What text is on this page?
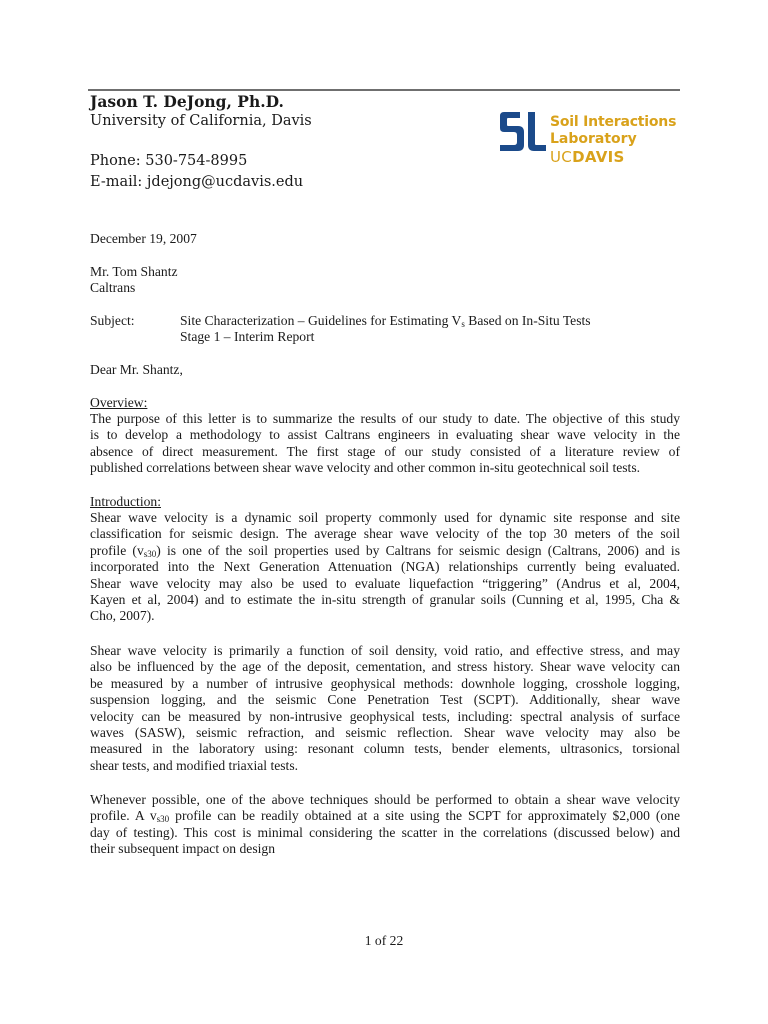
Jason T. DeJong, Ph.D.
University of California, Davis
Phone: 530-754-8995
E-mail: jdejong@ucdavis.edu
Soil Interactions
Laboratory
UCDAVIS
December 19, 2007
Mr. Tom Shantz
Caltrans
Subject:	Site Characterization – Guidelines for Estimating $V_s$ Based on In-Situ Tests
Stage 1 – Interim Report
Dear Mr. Shantz,
Overview:
The purpose of this letter is to summarize the results of our study to date. The objective of this study
is to develop a methodology to assist Caltrans engineers in evaluating shear wave velocity in the
absence of direct measurement. The first stage of our study consisted of a literature review of
published correlations between shear wave velocity and other common in-situ geotechnical soil tests.
Introduction:
Shear wave velocity is a dynamic soil property commonly used for dynamic site response and site
classification for seismic design. The average shear wave velocity of the top 30 meters of the soil
profile $(v_{s30})$ is one of the soil properties used by Caltrans for seismic design (Caltrans, 2006) and is
incorporated into the Next Generation Attenuation (NGA) relationships currently being evaluated.
Shear wave velocity may also be used to evaluate liquefaction “triggering” (Andrus et al, 2004,
Kayen et al, 2004) and to estimate the in-situ strength of granular soils (Cunning et al, 1995, Cha &
Cho, 2007).
Shear wave velocity is primarily a function of soil density, void ratio, and effective stress, and may
also be influenced by the age of the deposit, cementation, and stress history. Shear wave velocity can
be measured by a number of intrusive geophysical methods: downhole logging, crosshole logging,
suspension logging, and the seismic Cone Penetration Test (SCPT). Additionally, shear wave
velocity can be measured by non-intrusive geophysical tests, including: spectral analysis of surface
waves (SASW), seismic refraction, and seismic reflection. Shear wave velocity may also be
measured in the laboratory using: resonant column tests, bender elements, ultrasonics, torsional
shear tests, and modified triaxial tests.
Whenever possible, one of the above techniques should be performed to obtain a shear wave velocity
profile. A $v_{s30}$ profile can be readily obtained at a site using the SCPT for approximately $2,000 (one
day of testing). This cost is minimal considering the scatter in the correlations (discussed below) and
their subsequent impact on design
1 of 22
